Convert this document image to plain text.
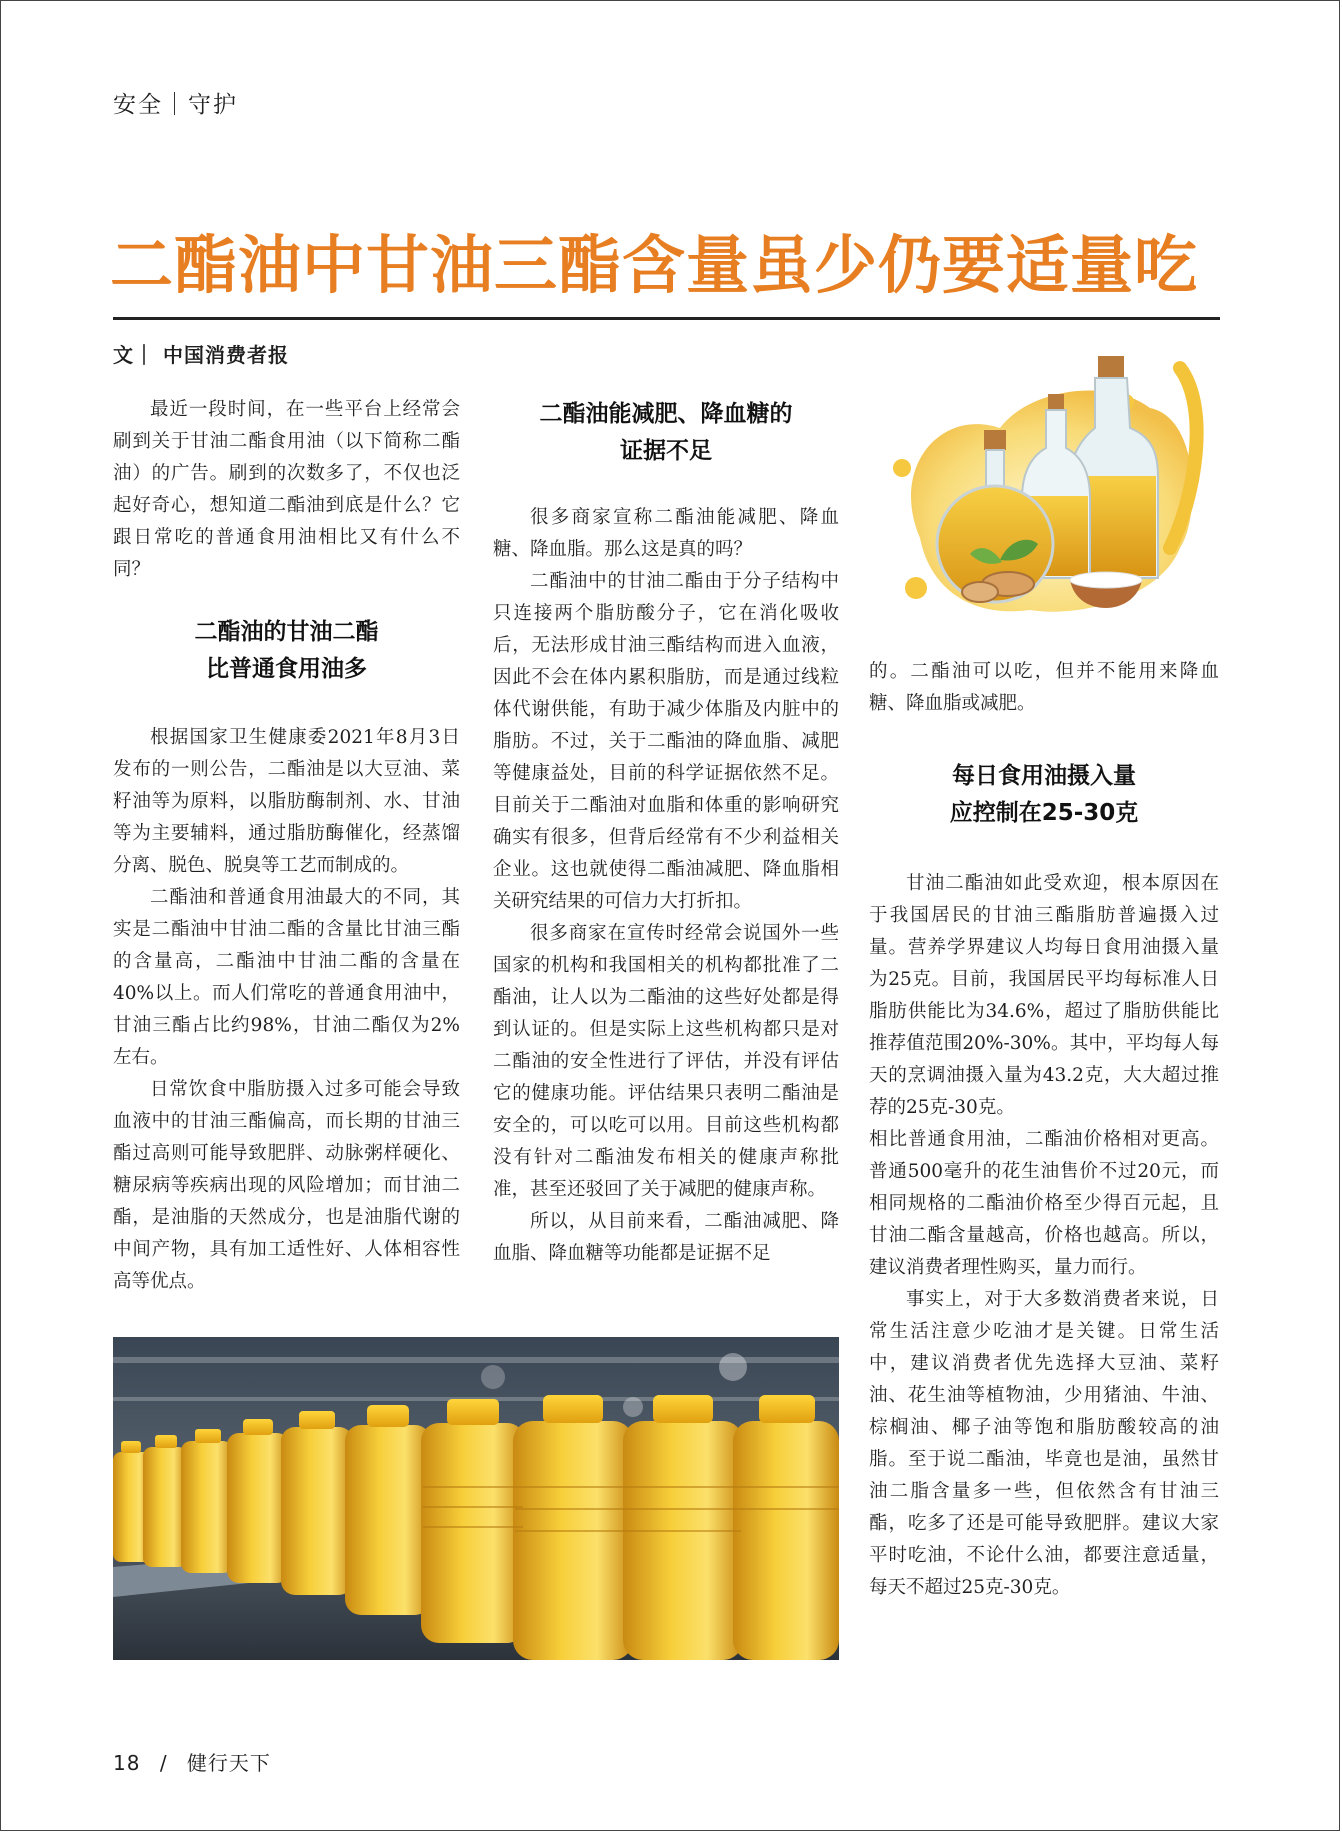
安全｜守护
二酯油中甘油三酯含量虽少仍要适量吃
文｜ 中国消费者报

最近一段时间，在一些平台上经常会刷到关于甘油二酯食用油（以下简称二酯油）的广告。刷到的次数多了，不仅也泛起好奇心，想知道二酯油到底是什么？它跟日常吃的普通食用油相比又有什么不同？

二酯油的甘油二酯
比普通食用油多

根据国家卫生健康委2021年8月3日发布的一则公告，二酯油是以大豆油、菜籽油等为原料，以脂肪酶制剂、水、甘油等为主要辅料，通过脂肪酶催化，经蒸馏分离、脱色、脱臭等工艺而制成的。

二酯油和普通食用油最大的不同，其实是二酯油中甘油二酯的含量比甘油三酯的含量高，二酯油中甘油二酯的含量在40%以上。而人们常吃的普通食用油中，甘油三酯占比约98%，甘油二酯仅为2%左右。

日常饮食中脂肪摄入过多可能会导致血液中的甘油三酯偏高，而长期的甘油三酯过高则可能导致肥胖、动脉粥样硬化、糖尿病等疾病出现的风险增加；而甘油二酯，是油脂的天然成分，也是油脂代谢的中间产物，具有加工适性好、人体相容性高等优点。

二酯油能减肥、降血糖的
证据不足

很多商家宣称二酯油能减肥、降血糖、降血脂。那么这是真的吗？

二酯油中的甘油二酯由于分子结构中只连接两个脂肪酸分子，它在消化吸收后，无法形成甘油三酯结构而进入血液，因此不会在体内累积脂肪，而是通过线粒体代谢供能，有助于减少体脂及内脏中的脂肪。不过，关于二酯油的降血脂、减肥等健康益处，目前的科学证据依然不足。目前关于二酯油对血脂和体重的影响研究确实有很多，但背后经常有不少利益相关企业。这也就使得二酯油减肥、降血脂相关研究结果的可信力大打折扣。

很多商家在宣传时经常会说国外一些国家的机构和我国相关的机构都批准了二酯油，让人以为二酯油的这些好处都是得到认证的。但是实际上这些机构都只是对二酯油的安全性进行了评估，并没有评估它的健康功能。评估结果只表明二酯油是安全的，可以吃可以用。目前这些机构都没有针对二酯油发布相关的健康声称批准，甚至还驳回了关于减肥的健康声称。

所以，从目前来看，二酯油减肥、降血脂、降血糖等功能都是证据不足

的。二酯油可以吃，但并不能用来降血糖、降血脂或减肥。

每日食用油摄入量
应控制在25-30克

甘油二酯油如此受欢迎，根本原因在于我国居民的甘油三酯脂肪普遍摄入过量。营养学界建议人均每日食用油摄入量为25克。目前，我国居民平均每标准人日脂肪供能比为34.6%，超过了脂肪供能比推荐值范围20%-30%。其中，平均每人每天的烹调油摄入量为43.2克，大大超过推荐的25克-30克。

相比普通食用油，二酯油价格相对更高。普通500毫升的花生油售价不过20元，而相同规格的二酯油价格至少得百元起，且甘油二酯含量越高，价格也越高。所以，建议消费者理性购买，量力而行。

事实上，对于大多数消费者来说，日常生活注意少吃油才是关键。日常生活中，建议消费者优先选择大豆油、菜籽油、花生油等植物油，少用猪油、牛油、棕榈油、椰子油等饱和脂肪酸较高的油脂。至于说二酯油，毕竟也是油，虽然甘油二脂含量多一些，但依然含有甘油三酯，吃多了还是可能导致肥胖。建议大家平时吃油，不论什么油，都要注意适量，每天不超过25克-30克。

18 / 健行天下
